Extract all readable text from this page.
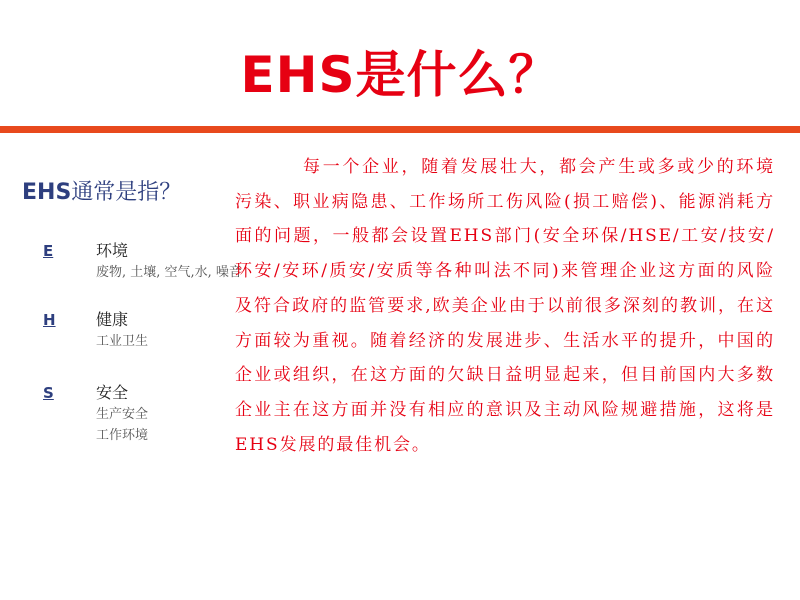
EHS是什么？
EHS通常是指？
E	环境
废物, 土壤, 空气,水, 噪音
H	健康
工业卫生
S	安全
生产安全
工作环境
每一个企业，随着发展壮大，都会产生或多或少的环境污染、职业病隐患、工作场所工伤风险(损工赔偿)、能源消耗方面的问题，一般都会设置EHS部门(安全环保/HSE/工安/技安/环安/安环/质安/安质等各种叫法不同)来管理企业这方面的风险及符合政府的监管要求,欧美企业由于以前很多深刻的教训，在这方面较为重视。随着经济的发展进步、生活水平的提升，中国的企业或组织，在这方面的欠缺日益明显起来，但目前国内大多数企业主在这方面并没有相应的意识及主动风险规避措施，这将是EHS发展的最佳机会。
